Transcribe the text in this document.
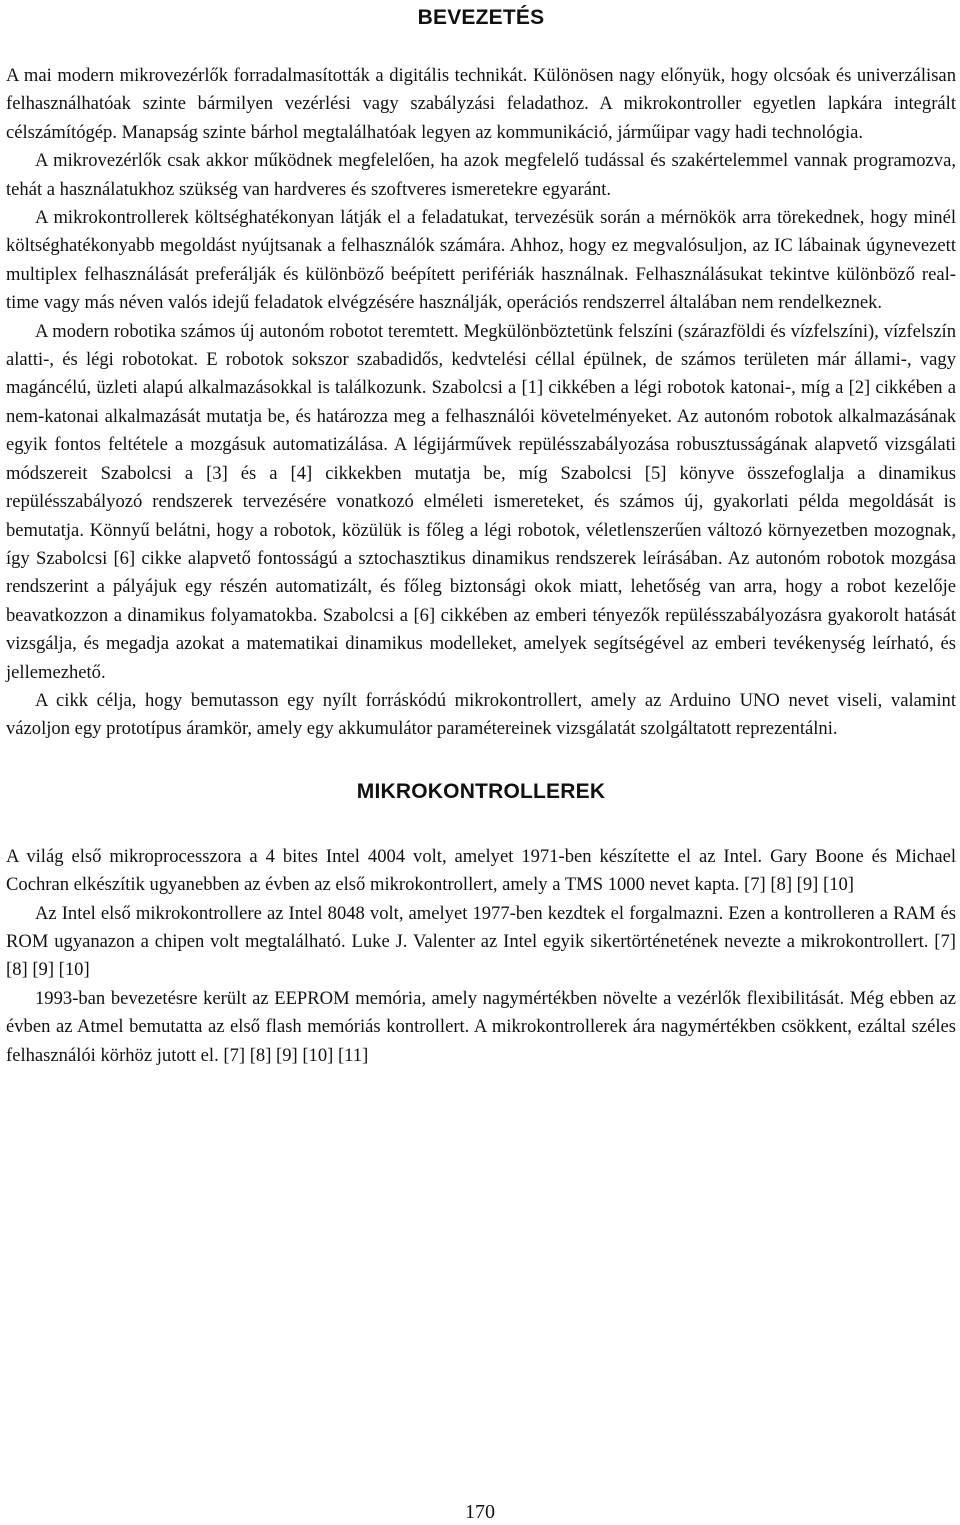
BEVEZETÉS

A mai modern mikrovezérlők forradalmasították a digitális technikát. Különösen nagy előnyük, hogy olcsóak és univerzálisan felhasználhatóak szinte bármilyen vezérlési vagy szabályzási feladathoz. A mikrokontroller egyetlen lapkára integrált célszámítógép. Manapság szinte bárhol megtalálhatóak legyen az kommunikáció, járműipar vagy hadi technológia.

A mikrovezérlők csak akkor működnek megfelelően, ha azok megfelelő tudással és szakértelemmel vannak programozva, tehát a használatukhoz szükség van hardveres és szoftveres ismeretekre egyaránt.

A mikrokontrollerek költséghatékonyan látják el a feladatukat, tervezésük során a mérnökök arra törekednek, hogy minél költséghatékonyabb megoldást nyújtsanak a felhasználók számára. Ahhoz, hogy ez megvalósuljon, az IC lábainak úgynevezett multiplex felhasználását preferálják és különböző beépített perifériák használnak. Felhasználásukat tekintve különböző real-time vagy más néven valós idejű feladatok elvégzésére használják, operációs rendszerrel általában nem rendelkeznek.

A modern robotika számos új autonóm robotot teremtett. Megkülönböztetünk felszíni (szárazföldi és vízfelszíni), vízfelszín alatti-, és légi robotokat. E robotok sokszor szabadidős, kedvtelési céllal épülnek, de számos területen már állami-, vagy magáncélú, üzleti alapú alkalmazásokkal is találkozunk. Szabolcsi a [1] cikkében a légi robotok katonai-, míg a [2] cikkében a nem-katonai alkalmazását mutatja be, és határozza meg a felhasználói követelményeket. Az autonóm robotok alkalmazásának egyik fontos feltétele a mozgásuk automatizálása. A légijárművek repülésszabályozása robusztusságának alapvető vizsgálati módszereit Szabolcsi a [3] és a [4] cikkekben mutatja be, míg Szabolcsi [5] könyve összefoglalja a dinamikus repülésszabályozó rendszerek tervezésére vonatkozó elméleti ismereteket, és számos új, gyakorlati példa megoldását is bemutatja. Könnyű belátni, hogy a robotok, közülük is főleg a légi robotok, véletlenszerűen változó környezetben mozognak, így Szabolcsi [6] cikke alapvető fontosságú a sztochasztikus dinamikus rendszerek leírásában. Az autonóm robotok mozgása rendszerint a pályájuk egy részén automatizált, és főleg biztonsági okok miatt, lehetőség van arra, hogy a robot kezelője beavatkozzon a dinamikus folyamatokba. Szabolcsi a [6] cikkében az emberi tényezők repülésszabályozásra gyakorolt hatását vizsgálja, és megadja azokat a matematikai dinamikus modelleket, amelyek segítségével az emberi tevékenység leírható, és jellemezhető.

A cikk célja, hogy bemutasson egy nyílt forráskódú mikrokontrollert, amely az Arduino UNO nevet viseli, valamint vázoljon egy prototípus áramkör, amely egy akkumulátor paramétereinek vizsgálatát szolgáltatott reprezentálni.

MIKROKONTROLLEREK

A világ első mikroprocesszora a 4 bites Intel 4004 volt, amelyet 1971-ben készítette el az Intel. Gary Boone és Michael Cochran elkészítik ugyanebben az évben az első mikrokontrollert, amely a TMS 1000 nevet kapta. [7] [8] [9] [10]

Az Intel első mikrokontrollere az Intel 8048 volt, amelyet 1977-ben kezdtek el forgalmazni. Ezen a kontrolleren a RAM és ROM ugyanazon a chipen volt megtalálható. Luke J. Valenter az Intel egyik sikertörténetének nevezte a mikrokontrollert. [7] [8] [9] [10]

1993-ban bevezetésre került az EEPROM memória, amely nagymértékben növelte a vezérlők flexibilitását. Még ebben az évben az Atmel bemutatta az első flash memóriás kontrollert. A mikrokontrollerek ára nagymértékben csökkent, ezáltal széles felhasználói körhöz jutott el. [7] [8] [9] [10] [11]

170
